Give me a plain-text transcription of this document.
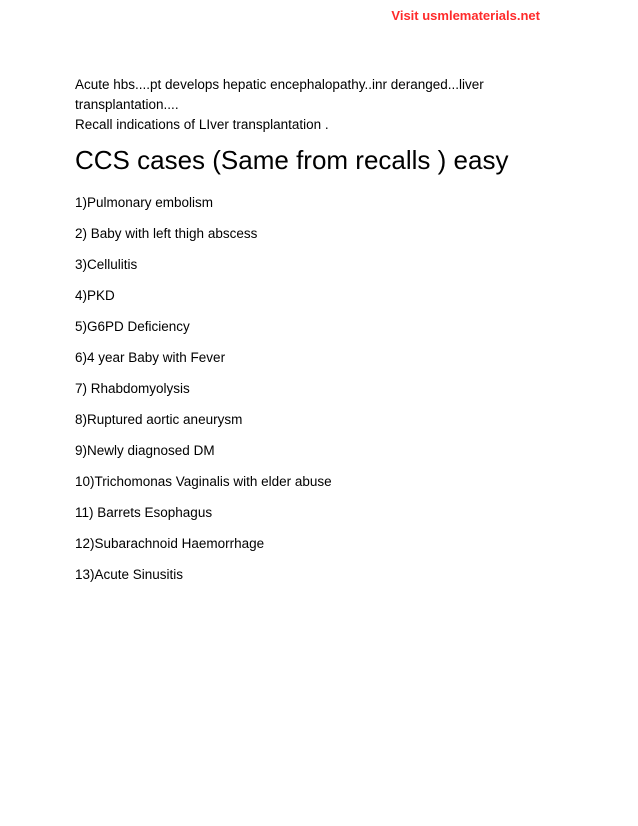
Visit usmlematerials.net
Acute hbs....pt develops hepatic encephalopathy..inr deranged...liver
transplantation....
Recall indications of LIver transplantation .
CCS cases (Same from recalls ) easy
1)Pulmonary embolism
2) Baby with left thigh abscess
3)Cellulitis
4)PKD
5)G6PD Deficiency
6)4 year Baby with Fever
7) Rhabdomyolysis
8)Ruptured aortic aneurysm
9)Newly diagnosed DM
10)Trichomonas Vaginalis with elder abuse
11) Barrets Esophagus
12)Subarachnoid Haemorrhage
13)Acute Sinusitis
